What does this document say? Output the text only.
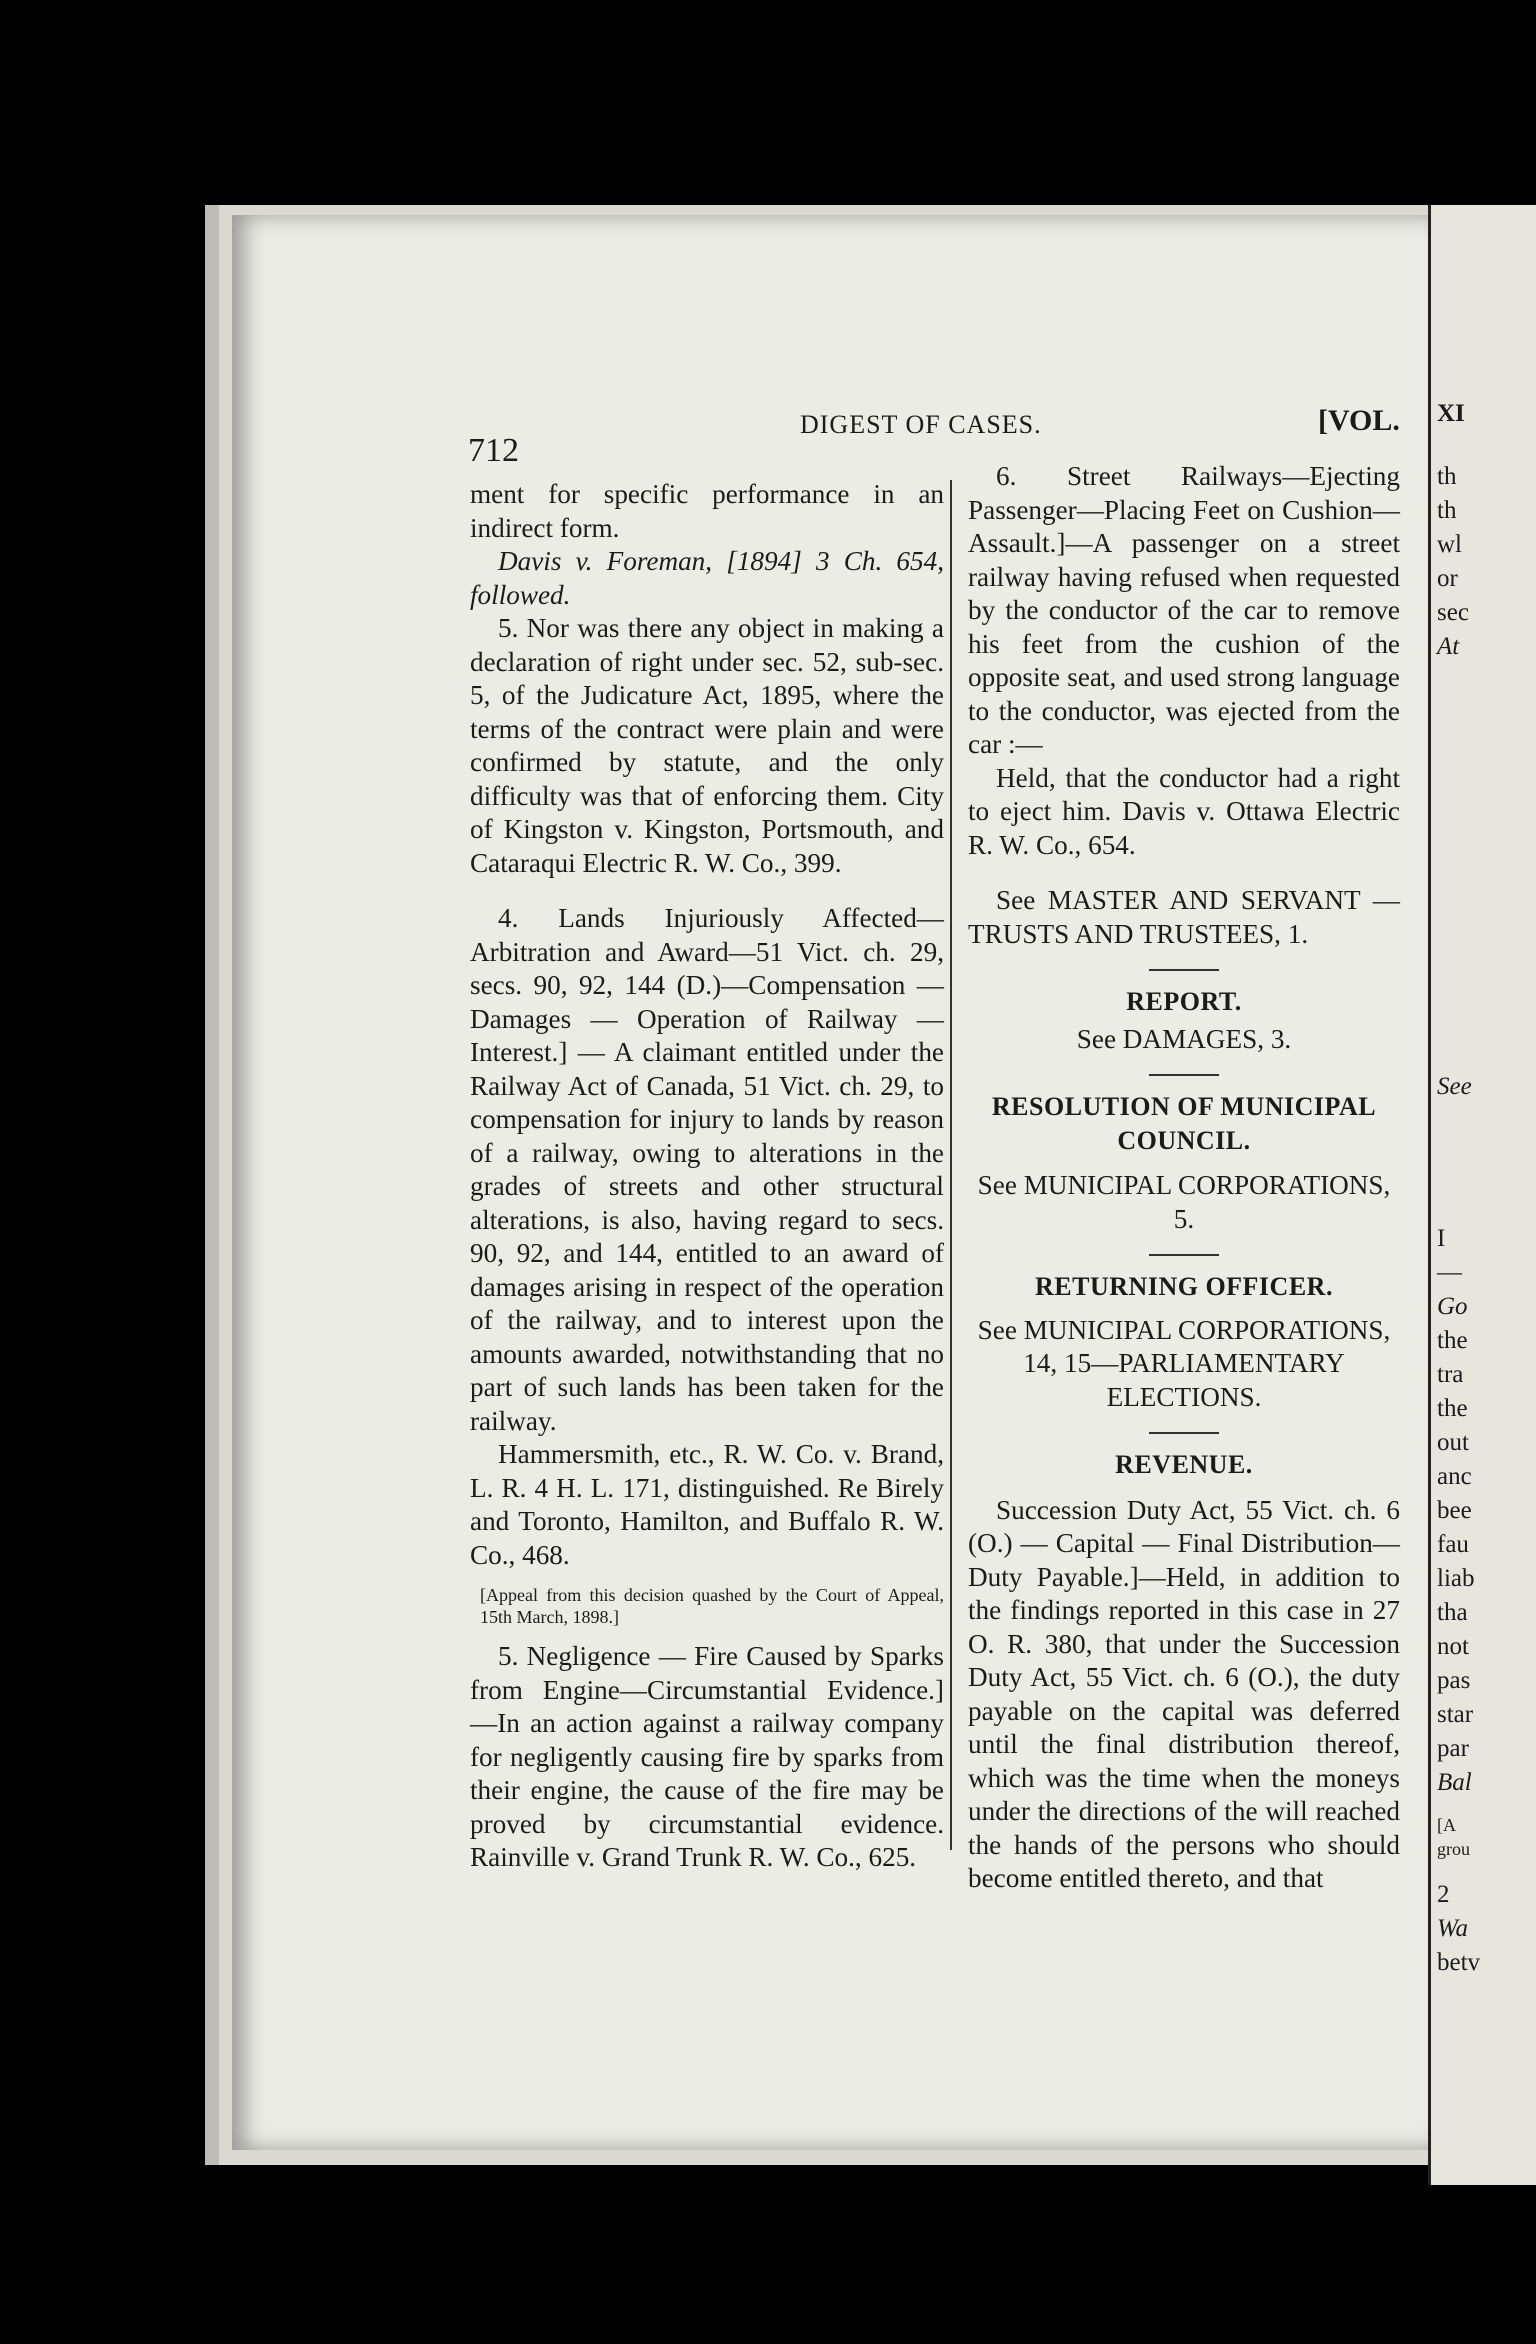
XI
th
th
wl
or
sec
At
See
I
—
Go
the
tra
the
out
anc
bee
fau
liab
tha
not
pas
star
par
Bal
[A
grou
2
Wa
betv
712
DIGEST OF CASES.	[VOL.

ment for specific performance in an indirect form.

Davis v. Foreman, [1894] 3 Ch. 654, followed.

5. Nor was there any object in making a declaration of right under sec. 52, sub-sec. 5, of the Judicature Act, 1895, where the terms of the contract were plain and were confirmed by statute, and the only difficulty was that of enforcing them. City of Kingston v. Kingston, Portsmouth, and Cataraqui Electric R. W. Co., 399.

4. Lands Injuriously Affected—Arbitration and Award—51 Vict. ch. 29, secs. 90, 92, 144 (D.)—Compensation — Damages — Operation of Railway — Interest.] — A claimant entitled under the Railway Act of Canada, 51 Vict. ch. 29, to compensation for injury to lands by reason of a railway, owing to alterations in the grades of streets and other structural alterations, is also, having regard to secs. 90, 92, and 144, entitled to an award of damages arising in respect of the operation of the railway, and to interest upon the amounts awarded, notwithstanding that no part of such lands has been taken for the railway.

Hammersmith, etc., R. W. Co. v. Brand, L. R. 4 H. L. 171, distinguished. Re Birely and Toronto, Hamilton, and Buffalo R. W. Co., 468.

[Appeal from this decision quashed by the Court of Appeal, 15th March, 1898.]

5. Negligence — Fire Caused by Sparks from Engine—Circumstantial Evidence.]—In an action against a railway company for negligently causing fire by sparks from their engine, the cause of the fire may be proved by circumstantial evidence. Rainville v. Grand Trunk R. W. Co., 625.

6. Street Railways—Ejecting Passenger—Placing Feet on Cushion—Assault.]—A passenger on a street railway having refused when requested by the conductor of the car to remove his feet from the cushion of the opposite seat, and used strong language to the conductor, was ejected from the car :—

Held, that the conductor had a right to eject him. Davis v. Ottawa Electric R. W. Co., 654.

See MASTER AND SERVANT — TRUSTS AND TRUSTEES, 1.

REPORT.

See DAMAGES, 3.

RESOLUTION OF MUNICIPAL COUNCIL.

See MUNICIPAL CORPORATIONS, 5.

RETURNING OFFICER.

See MUNICIPAL CORPORATIONS, 14, 15—PARLIAMENTARY ELECTIONS.

REVENUE.

Succession Duty Act, 55 Vict. ch. 6 (O.) — Capital — Final Distribution—Duty Payable.]—Held, in addition to the findings reported in this case in 27 O. R. 380, that under the Succession Duty Act, 55 Vict. ch. 6 (O.), the duty payable on the capital was deferred until the final distribution thereof, which was the time when the moneys under the directions of the will reached the hands of the persons who should become entitled thereto, and that
